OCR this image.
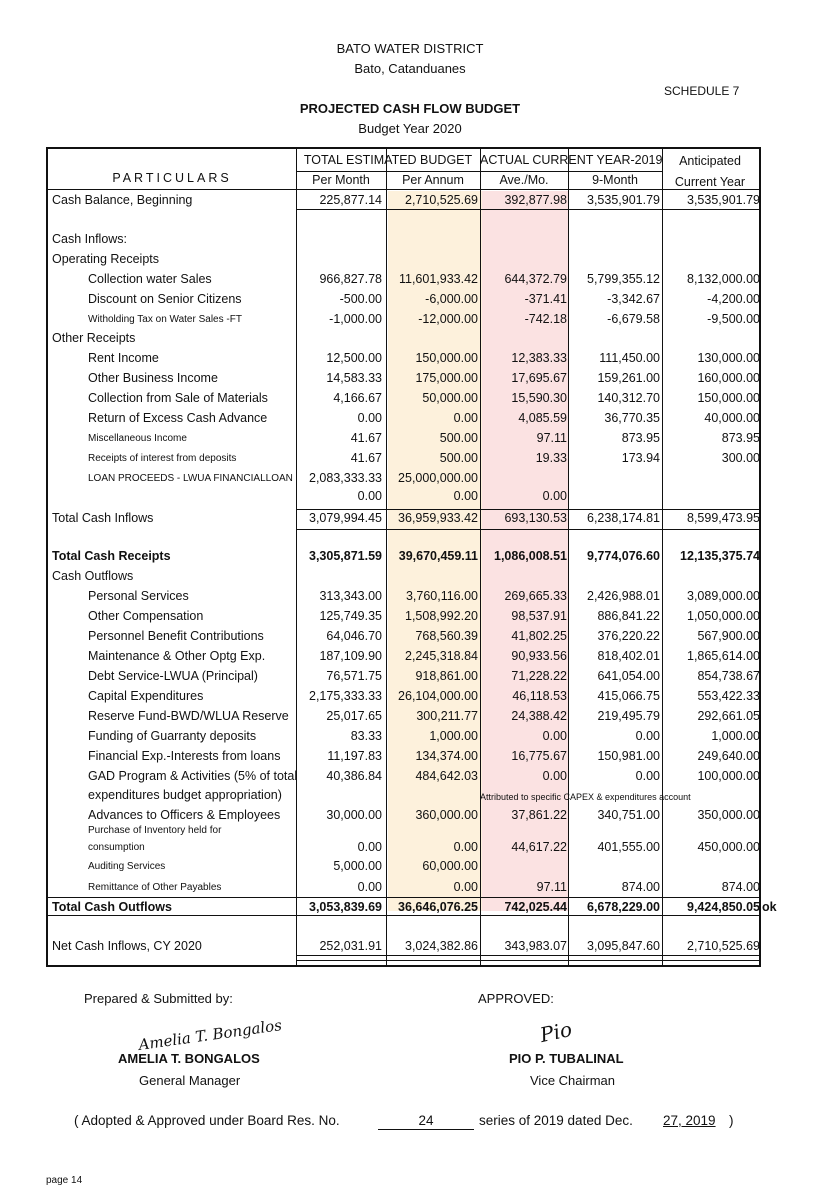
BATO WATER DISTRICT
Bato, Catanduanes
SCHEDULE 7
PROJECTED CASH FLOW BUDGET
Budget Year 2020
PARTICULARS
TOTAL ESTIMATED BUDGET ACTUAL CURRENT YEAR-2019	Anticipated
Per Month	Per Annum	Ave./Mo.	9-Month	Current Year
Attributed to specific CAPEX & expenditures account
Cash Balance, Beginning	225,877.14	2,710,525.69	392,877.98	3,535,901.79	3,535,901.79
Cash Inflows:
Operating Receipts
Collection water Sales	966,827.78	11,601,933.42	644,372.79	5,799,355.12	8,132,000.00
Discount on Senior Citizens	-500.00	-6,000.00	-371.41	-3,342.67	-4,200.00
Witholding Tax on Water Sales -FT	-1,000.00	-12,000.00	-742.18	-6,679.58	-9,500.00
Other Receipts
Rent Income	12,500.00	150,000.00	12,383.33	111,450.00	130,000.00
Other Business Income	14,583.33	175,000.00	17,695.67	159,261.00	160,000.00
Collection from Sale of Materials	4,166.67	50,000.00	15,590.30	140,312.70	150,000.00
Return of Excess Cash Advance	0.00	0.00	4,085.59	36,770.35	40,000.00
Miscellaneous Income	41.67	500.00	97.11	873.95	873.95
Receipts of interest from deposits	41.67	500.00	19.33	173.94	300.00
LOAN PROCEEDS - LWUA FINANCIALLOAN	2,083,333.33	25,000,000.00
0.00	0.00	0.00
Total Cash Inflows	3,079,994.45	36,959,933.42	693,130.53	6,238,174.81	8,599,473.95
Total Cash Receipts	3,305,871.59	39,670,459.11	1,086,008.51	9,774,076.60	12,135,375.74
Cash Outflows
Personal Services	313,343.00	3,760,116.00	269,665.33	2,426,988.01	3,089,000.00
Other Compensation	125,749.35	1,508,992.20	98,537.91	886,841.22	1,050,000.00
Personnel Benefit Contributions	64,046.70	768,560.39	41,802.25	376,220.22	567,900.00
Maintenance & Other Optg Exp.	187,109.90	2,245,318.84	90,933.56	818,402.01	1,865,614.00
Debt Service-LWUA (Principal)	76,571.75	918,861.00	71,228.22	641,054.00	854,738.67
Capital Expenditures	2,175,333.33	26,104,000.00	46,118.53	415,066.75	553,422.33
Reserve Fund-BWD/WLUA Reserve	25,017.65	300,211.77	24,388.42	219,495.79	292,661.05
Funding of Guarranty deposits	83.33	1,000.00	0.00	0.00	1,000.00
Financial Exp.-Interests from loans	11,197.83	134,374.00	16,775.67	150,981.00	249,640.00
GAD Program & Activities (5% of total	40,386.84	484,642.03	0.00	0.00	100,000.00
expenditures budget appropriation)
Advances to Officers & Employees	30,000.00	360,000.00	37,861.22	340,751.00	350,000.00
Purchase of Inventory held for
consumption	0.00	0.00	44,617.22	401,555.00	450,000.00
Auditing Services	5,000.00	60,000.00
Remittance of Other Payables	0.00	0.00	97.11	874.00	874.00
Total Cash Outflows	3,053,839.69	36,646,076.25	742,025.44	6,678,229.00	9,424,850.05
Net Cash Inflows, CY 2020	252,031.91	3,024,382.86	343,983.07	3,095,847.60	2,710,525.69
ok
Prepared & Submitted by:	APPROVED:
Amelia T. Bongalos
AMELIA T. BONGALOS
General Manager
Pio
PIO P. TUBALINAL
Vice Chairman
( Adopted & Approved under Board Res. No.	24	series of 2019 dated Dec. 27, 2019 )
page 14
